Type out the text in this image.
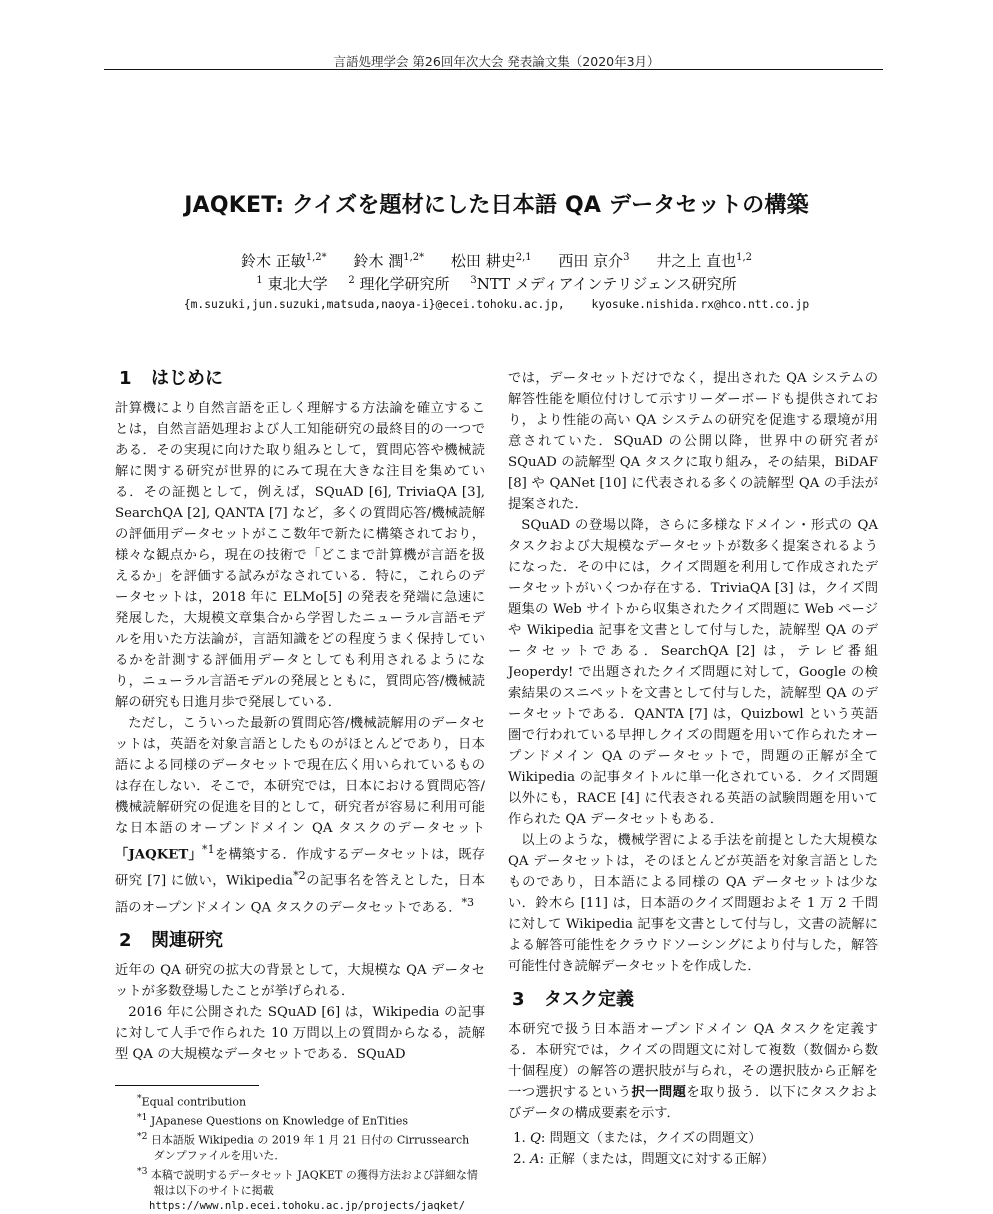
言語処理学会 第26回年次大会 発表論文集（2020年3月）
JAQKET: クイズを題材にした日本語 QA データセットの構築
鈴木 正敏$^{1,2*}$ 鈴木 潤$^{1,2*}$ 松田 耕史$^{2,1}$ 西田 京介$^3$ 井之上 直也$^{1,2}$
$^1$ 東北大学 $^2$ 理化学研究所 $^3$NTT メディアインテリジェンス研究所
{m.suzuki,jun.suzuki,matsuda,naoya-i}@ecei.tohoku.ac.jp, kyosuke.nishida.rx@hco.ntt.co.jp
1 はじめに

計算機により自然言語を正しく理解する方法論を確立することは，自然言語処理および人工知能研究の最終目的の一つである．その実現に向けた取り組みとして，質問応答や機械読解に関する研究が世界的にみて現在大きな注目を集めている．その証拠として，例えば，SQuAD [6], TriviaQA [3], SearchQA [2], QANTA [7] など，多くの質問応答/機械読解の評価用データセットがここ数年で新たに構築されており，様々な観点から，現在の技術で「どこまで計算機が言語を扱えるか」を評価する試みがなされている．特に，これらのデータセットは，2018 年に ELMo[5] の発表を発端に急速に発展した，大規模文章集合から学習したニューラル言語モデルを用いた方法論が，言語知識をどの程度うまく保持しているかを計測する評価用データとしても利用されるようになり，ニューラル言語モデルの発展とともに，質問応答/機械読解の研究も日進月歩で発展している．

ただし，こういった最新の質問応答/機械読解用のデータセットは，英語を対象言語としたものがほとんどであり，日本語による同様のデータセットで現在広く用いられているものは存在しない．そこで，本研究では，日本における質問応答/機械読解研究の促進を目的として，研究者が容易に利用可能な日本語のオープンドメイン QA タスクのデータセット「JAQKET」$^{*1}$を構築する．作成するデータセットは，既存研究 [7] に倣い，Wikipedia$^{*2}$の記事名を答えとした，日本語のオープンドメイン QA タスクのデータセットである．$^{*3}$

2 関連研究

近年の QA 研究の拡大の背景として，大規模な QA データセットが多数登場したことが挙げられる．

2016 年に公開された SQuAD [6] は，Wikipedia の記事に対して人手で作られた 10 万問以上の質問からなる，読解型 QA の大規模なデータセットである．SQuAD

では，データセットだけでなく，提出された QA システムの解答性能を順位付けして示すリーダーボードも提供されており，より性能の高い QA システムの研究を促進する環境が用意されていた．SQuAD の公開以降，世界中の研究者が SQuAD の読解型 QA タスクに取り組み，その結果，BiDAF [8] や QANet [10] に代表される多くの読解型 QA の手法が提案された．

SQuAD の登場以降，さらに多様なドメイン・形式の QA タスクおよび大規模なデータセットが数多く提案されるようになった．その中には，クイズ問題を利用して作成されたデータセットがいくつか存在する．TriviaQA [3] は，クイズ問題集の Web サイトから収集されたクイズ問題に Web ページや Wikipedia 記事を文書として付与した，読解型 QA のデータセットである．SearchQA [2] は，テレビ番組 Jeoperdy! で出題されたクイズ問題に対して，Google の検索結果のスニペットを文書として付与した，読解型 QA のデータセットである．QANTA [7] は，Quizbowl という英語圏で行われている早押しクイズの問題を用いて作られたオープンドメイン QA のデータセットで，問題の正解が全て Wikipedia の記事タイトルに単一化されている．クイズ問題以外にも，RACE [4] に代表される英語の試験問題を用いて作られた QA データセットもある．

以上のような，機械学習による手法を前提とした大規模な QA データセットは，そのほとんどが英語を対象言語としたものであり，日本語による同様の QA データセットは少ない．鈴木ら [11] は，日本語のクイズ問題およそ 1 万 2 千問に対して Wikipedia 記事を文書として付与し，文書の読解による解答可能性をクラウドソーシングにより付与した，解答可能性付き読解データセットを作成した．

3 タスク定義

本研究で扱う日本語オープンドメイン QA タスクを定義する．本研究では，クイズの問題文に対して複数（数個から数十個程度）の解答の選択肢が与られ，その選択肢から正解を一つ選択するという択一問題を取り扱う．以下にタスクおよびデータの構成要素を示す．

1. Q: 問題文（または，クイズの問題文）
2. A: 正解（または，問題文に対する正解）

*Equal contribution

$^{*1}$ JApanese Questions on Knowledge of EnTities

$^{*2}$ 日本語版 Wikipedia の 2019 年 1 月 21 日付の Cirrussearch ダンプファイルを用いた．

$^{*3}$ 本稿で説明するデータセット JAQKET の獲得方法および詳細な情報は以下のサイトに掲載

https://www.nlp.ecei.tohoku.ac.jp/projects/jaqket/
